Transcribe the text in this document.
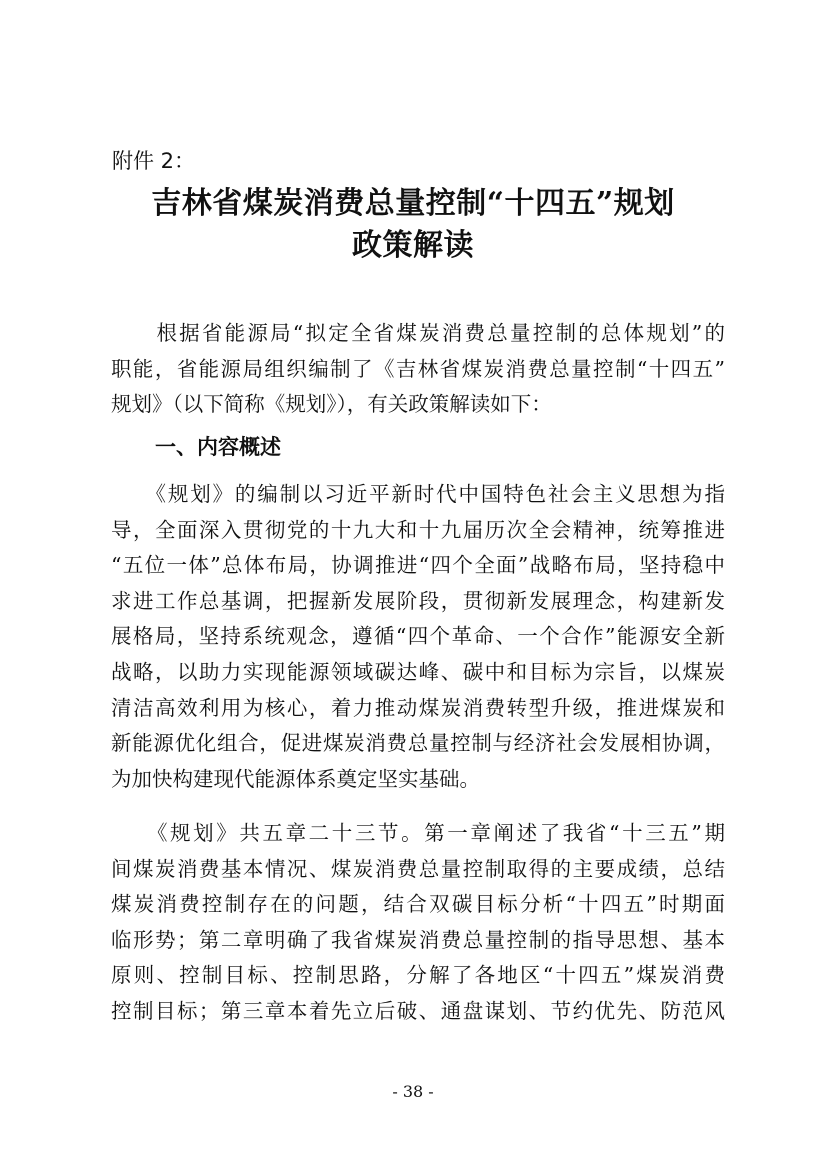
附件 2：
吉林省煤炭消费总量控制“十四五”规划
政策解读
　　根据省能源局“拟定全省煤炭消费总量控制的总体规划”的
职能，省能源局组织编制了《吉林省煤炭消费总量控制“十四五”
规划》（以下简称《规划》），有关政策解读如下：
一、内容概述
　　《规划》的编制以习近平新时代中国特色社会主义思想为指
导，全面深入贯彻党的十九大和十九届历次全会精神，统筹推进
“五位一体”总体布局，协调推进“四个全面”战略布局，坚持稳中
求进工作总基调，把握新发展阶段，贯彻新发展理念，构建新发
展格局，坚持系统观念，遵循“四个革命、一个合作”能源安全新
战略，以助力实现能源领域碳达峰、碳中和目标为宗旨，以煤炭
清洁高效利用为核心，着力推动煤炭消费转型升级，推进煤炭和
新能源优化组合，促进煤炭消费总量控制与经济社会发展相协调，
为加快构建现代能源体系奠定坚实基础。
　　《规划》共五章二十三节。第一章阐述了我省“十三五”期
间煤炭消费基本情况、煤炭消费总量控制取得的主要成绩，总结
煤炭消费控制存在的问题，结合双碳目标分析“十四五”时期面
临形势；第二章明确了我省煤炭消费总量控制的指导思想、基本
原则、控制目标、控制思路，分解了各地区“十四五”煤炭消费
控制目标；第三章本着先立后破、通盘谋划、节约优先、防范风
- 38 -
